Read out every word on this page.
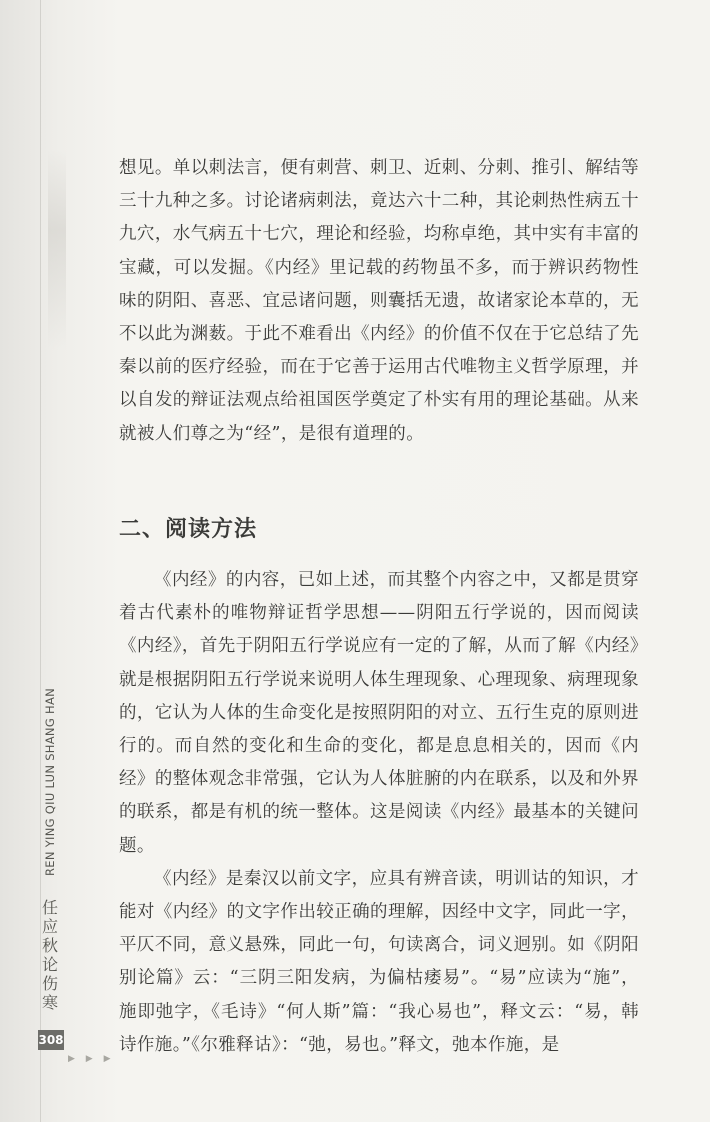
想见。单以刺法言，便有刺营、刺卫、近刺、分刺、推引、解结等三十九种之多。讨论诸病刺法，竟达六十二种，其论刺热性病五十九穴，水气病五十七穴，理论和经验，均称卓绝，其中实有丰富的宝藏，可以发掘。《内经》里记载的药物虽不多，而于辨识药物性味的阴阳、喜恶、宜忌诸问题，则囊括无遗，故诸家论本草的，无不以此为渊薮。于此不难看出《内经》的价值不仅在于它总结了先秦以前的医疗经验，而在于它善于运用古代唯物主义哲学原理，并以自发的辩证法观点给祖国医学奠定了朴实有用的理论基础。从来就被人们尊之为“经”，是很有道理的。

二、阅读方法

《内经》的内容，已如上述，而其整个内容之中，又都是贯穿着古代素朴的唯物辩证哲学思想——阴阳五行学说的，因而阅读《内经》，首先于阴阳五行学说应有一定的了解，从而了解《内经》就是根据阴阳五行学说来说明人体生理现象、心理现象、病理现象的，它认为人体的生命变化是按照阴阳的对立、五行生克的原则进行的。而自然的变化和生命的变化，都是息息相关的，因而《内经》的整体观念非常强，它认为人体脏腑的内在联系，以及和外界的联系，都是有机的统一整体。这是阅读《内经》最基本的关键问题。

《内经》是秦汉以前文字，应具有辨音读，明训诂的知识，才能对《内经》的文字作出较正确的理解，因经中文字，同此一字，平仄不同，意义悬殊，同此一句，句读离合，词义迥别。如《阴阳别论篇》云：“三阴三阳发病，为偏枯痿易”。“易”应读为“施”，施即弛字，《毛诗》“何人斯”篇：“我心易也”，释文云：“易，韩诗作施。”《尔雅释诂》：“弛，易也。”释文，弛本作施，是

REN YING QIU LUN SHANG HAN
任
应
秋
论
伤
寒
308
▶ ▶ ▶
